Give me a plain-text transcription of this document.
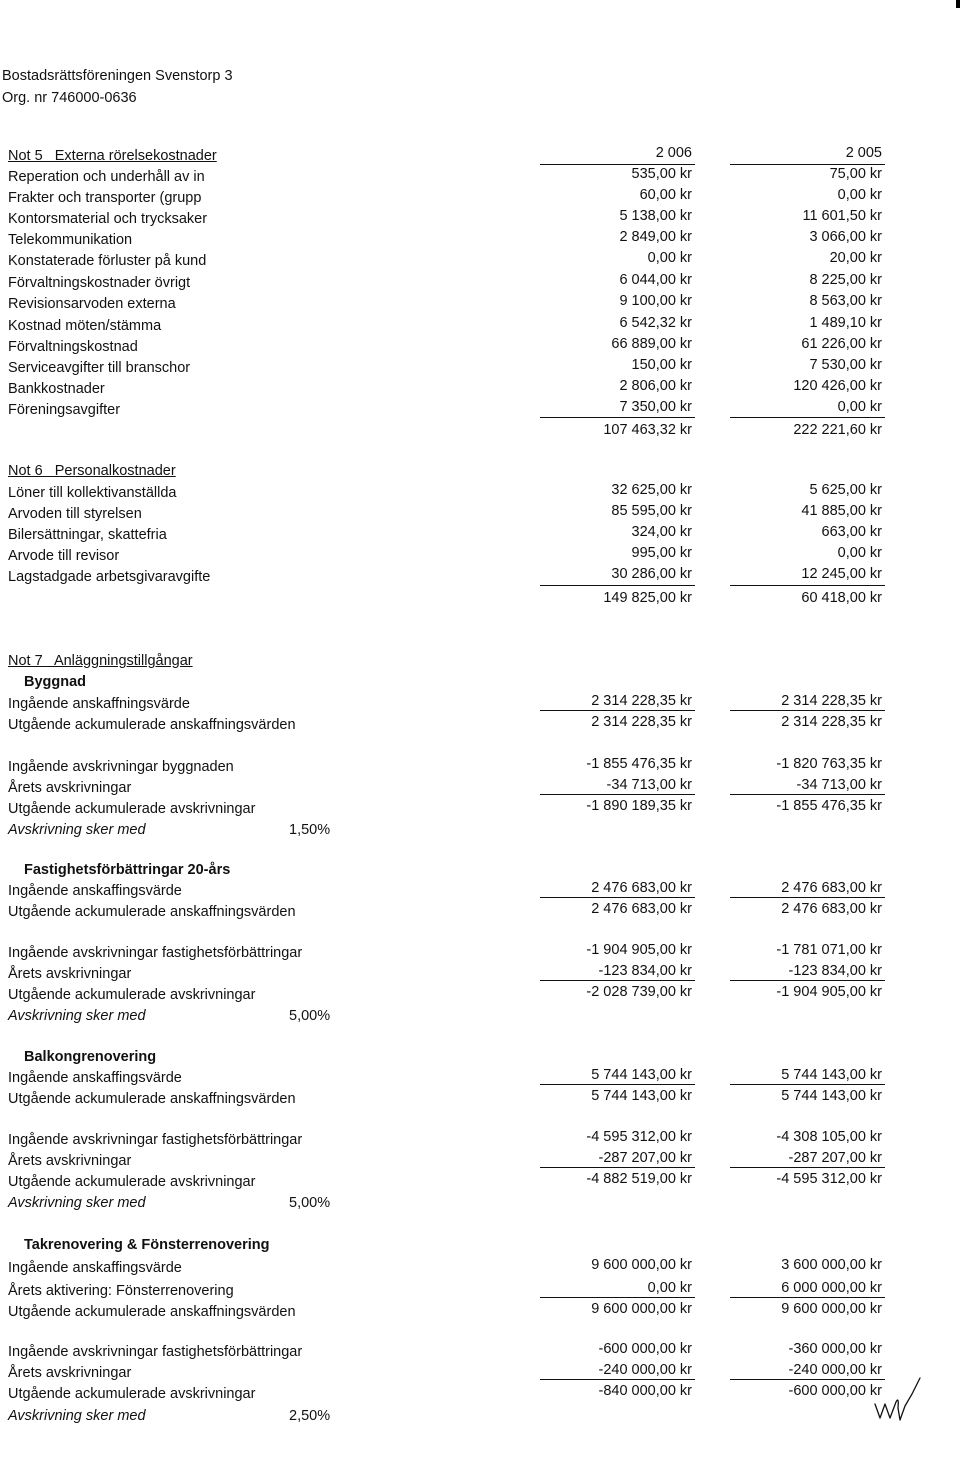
Bostadsrättsföreningen Svenstorp 3
Org. nr 746000-0636
Not 5   Externa rörelsekostnader	2 006	2 005
Reperation och underhåll av in	535,00 kr	75,00 kr
Frakter och transporter (grupp	60,00 kr	0,00 kr
Kontorsmaterial och trycksaker	5 138,00 kr	11 601,50 kr
Telekommunikation	2 849,00 kr	3 066,00 kr
Konstaterade förluster på kund	0,00 kr	20,00 kr
Förvaltningskostnader övrigt	6 044,00 kr	8 225,00 kr
Revisionsarvoden externa	9 100,00 kr	8 563,00 kr
Kostnad möten/stämma	6 542,32 kr	1 489,10 kr
Förvaltningskostnad	66 889,00 kr	61 226,00 kr
Serviceavgifter till branschor	150,00 kr	7 530,00 kr
Bankkostnader	2 806,00 kr	120 426,00 kr
Föreningsavgifter	7 350,00 kr	0,00 kr
107 463,32 kr	222 221,60 kr
Not 6   Personalkostnader
Löner till kollektivanställda	32 625,00 kr	5 625,00 kr
Arvoden till styrelsen	85 595,00 kr	41 885,00 kr
Bilersättningar, skattefria	324,00 kr	663,00 kr
Arvode till revisor	995,00 kr	0,00 kr
Lagstadgade arbetsgivaravgifte	30 286,00 kr	12 245,00 kr
149 825,00 kr	60 418,00 kr
Not 7   Anläggningstillgångar
Byggnad
Ingående anskaffningsvärde	2 314 228,35 kr	2 314 228,35 kr
Utgående ackumulerade anskaffningsvärden	2 314 228,35 kr	2 314 228,35 kr
Ingående avskrivningar byggnaden	-1 855 476,35 kr	-1 820 763,35 kr
Årets avskrivningar	-34 713,00 kr	-34 713,00 kr
Utgående ackumulerade avskrivningar	-1 890 189,35 kr	-1 855 476,35 kr
Avskrivning sker med	1,50%
Fastighetsförbättringar 20-års
Ingående anskaffingsvärde	2 476 683,00 kr	2 476 683,00 kr
Utgående ackumulerade anskaffningsvärden	2 476 683,00 kr	2 476 683,00 kr
Ingående avskrivningar fastighetsförbättringar	-1 904 905,00 kr	-1 781 071,00 kr
Årets avskrivningar	-123 834,00 kr	-123 834,00 kr
Utgående ackumulerade avskrivningar	-2 028 739,00 kr	-1 904 905,00 kr
Avskrivning sker med	5,00%
Balkongrenovering
Ingående anskaffingsvärde	5 744 143,00 kr	5 744 143,00 kr
Utgående ackumulerade anskaffningsvärden	5 744 143,00 kr	5 744 143,00 kr
Ingående avskrivningar fastighetsförbättringar	-4 595 312,00 kr	-4 308 105,00 kr
Årets avskrivningar	-287 207,00 kr	-287 207,00 kr
Utgående ackumulerade avskrivningar	-4 882 519,00 kr	-4 595 312,00 kr
Avskrivning sker med	5,00%
Takrenovering & Fönsterrenovering
Ingående anskaffingsvärde	9 600 000,00 kr	3 600 000,00 kr
Årets aktivering: Fönsterrenovering	0,00 kr	6 000 000,00 kr
Utgående ackumulerade anskaffningsvärden	9 600 000,00 kr	9 600 000,00 kr
Ingående avskrivningar fastighetsförbättringar	-600 000,00 kr	-360 000,00 kr
Årets avskrivningar	-240 000,00 kr	-240 000,00 kr
Utgående ackumulerade avskrivningar	-840 000,00 kr	-600 000,00 kr
Avskrivning sker med	2,50%
